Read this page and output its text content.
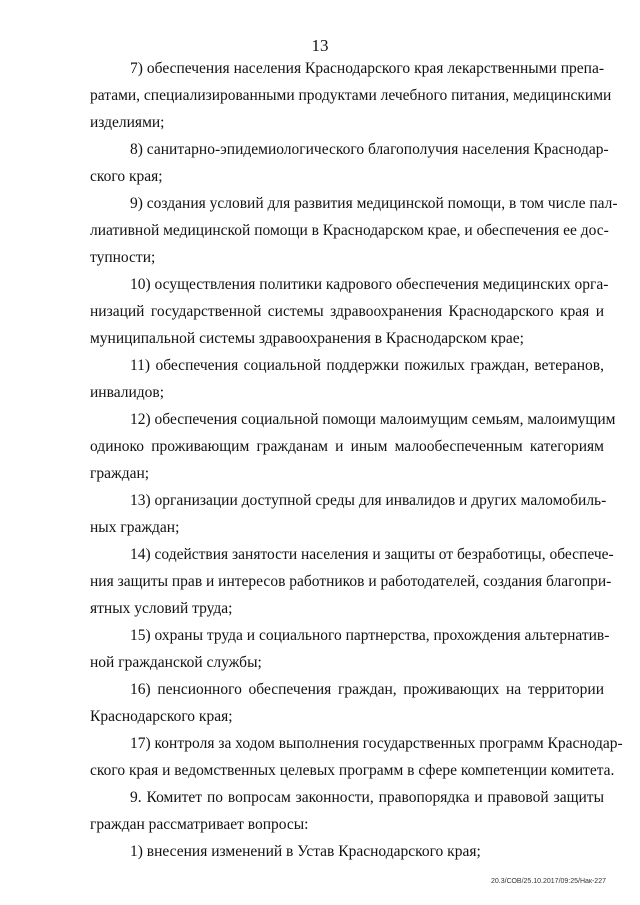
13
7) обеспечения населения Краснодарского края лекарственными препа-
ратами, специализированными продуктами лечебного питания, медицинскими
изделиями;
8) санитарно-эпидемиологического благополучия населения Краснодар-
ского края;
9) создания условий для развития медицинской помощи, в том числе пал-
лиативной медицинской помощи в Краснодарском крае, и обеспечения ее дос-
тупности;
10) осуществления политики кадрового обеспечения медицинских орга-
низаций государственной системы здравоохранения Краснодарского края и
муниципальной системы здравоохранения в Краснодарском крае;
11) обеспечения социальной поддержки пожилых граждан, ветеранов,
инвалидов;
12) обеспечения социальной помощи малоимущим семьям, малоимущим
одиноко проживающим гражданам и иным малообеспеченным категориям
граждан;
13) организации доступной среды для инвалидов и других маломобиль-
ных граждан;
14) содействия занятости населения и защиты от безработицы, обеспече-
ния защиты прав и интересов работников и работодателей, создания благопри-
ятных условий труда;
15) охраны труда и социального партнерства, прохождения альтернатив-
ной гражданской службы;
16) пенсионного обеспечения граждан, проживающих на территории
Краснодарского края;
17) контроля за ходом выполнения государственных программ Краснодар-
ского края и ведомственных целевых программ в сфере компетенции комитета.
9. Комитет по вопросам законности, правопорядка и правовой защиты
граждан рассматривает вопросы:
1) внесения изменений в Устав Краснодарского края;
20.3/СОВ/25.10.2017/09:25/Нак-227
